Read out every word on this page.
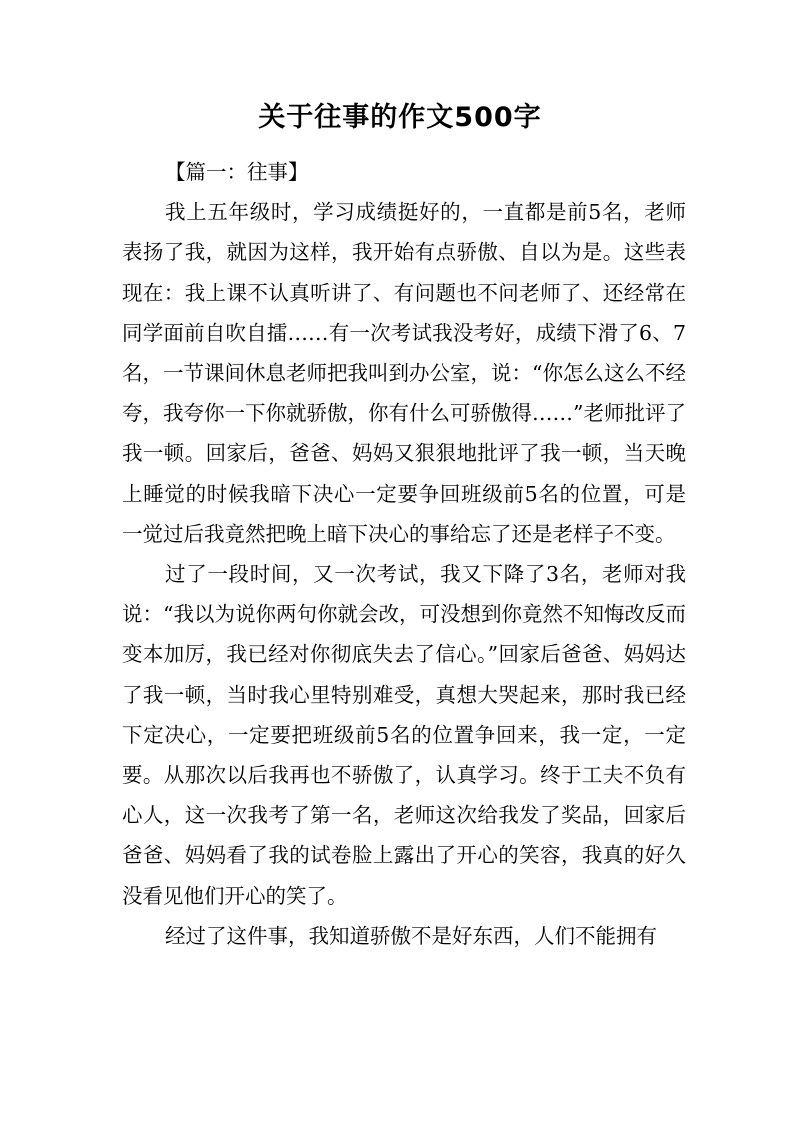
关于往事的作文500字

【篇一：往事】

我上五年级时，学习成绩挺好的，一直都是前5名，老师表扬了我，就因为这样，我开始有点骄傲、自以为是。这些表现在：我上课不认真听讲了、有问题也不问老师了、还经常在同学面前自吹自擂……有一次考试我没考好，成绩下滑了6、7名，一节课间休息老师把我叫到办公室，说：“你怎么这么不经夸，我夸你一下你就骄傲，你有什么可骄傲得……”老师批评了我一顿。回家后，爸爸、妈妈又狠狠地批评了我一顿，当天晚上睡觉的时候我暗下决心一定要争回班级前5名的位置，可是一觉过后我竟然把晚上暗下决心的事给忘了还是老样子不变。

过了一段时间，又一次考试，我又下降了3名，老师对我说：“我以为说你两句你就会改，可没想到你竟然不知悔改反而变本加厉，我已经对你彻底失去了信心。”回家后爸爸、妈妈达了我一顿，当时我心里特别难受，真想大哭起来，那时我已经下定决心，一定要把班级前5名的位置争回来，我一定，一定要。从那次以后我再也不骄傲了，认真学习。终于工夫不负有心人，这一次我考了第一名，老师这次给我发了奖品，回家后爸爸、妈妈看了我的试卷脸上露出了开心的笑容，我真的好久没看见他们开心的笑了。

经过了这件事，我知道骄傲不是好东西，人们不能拥有
